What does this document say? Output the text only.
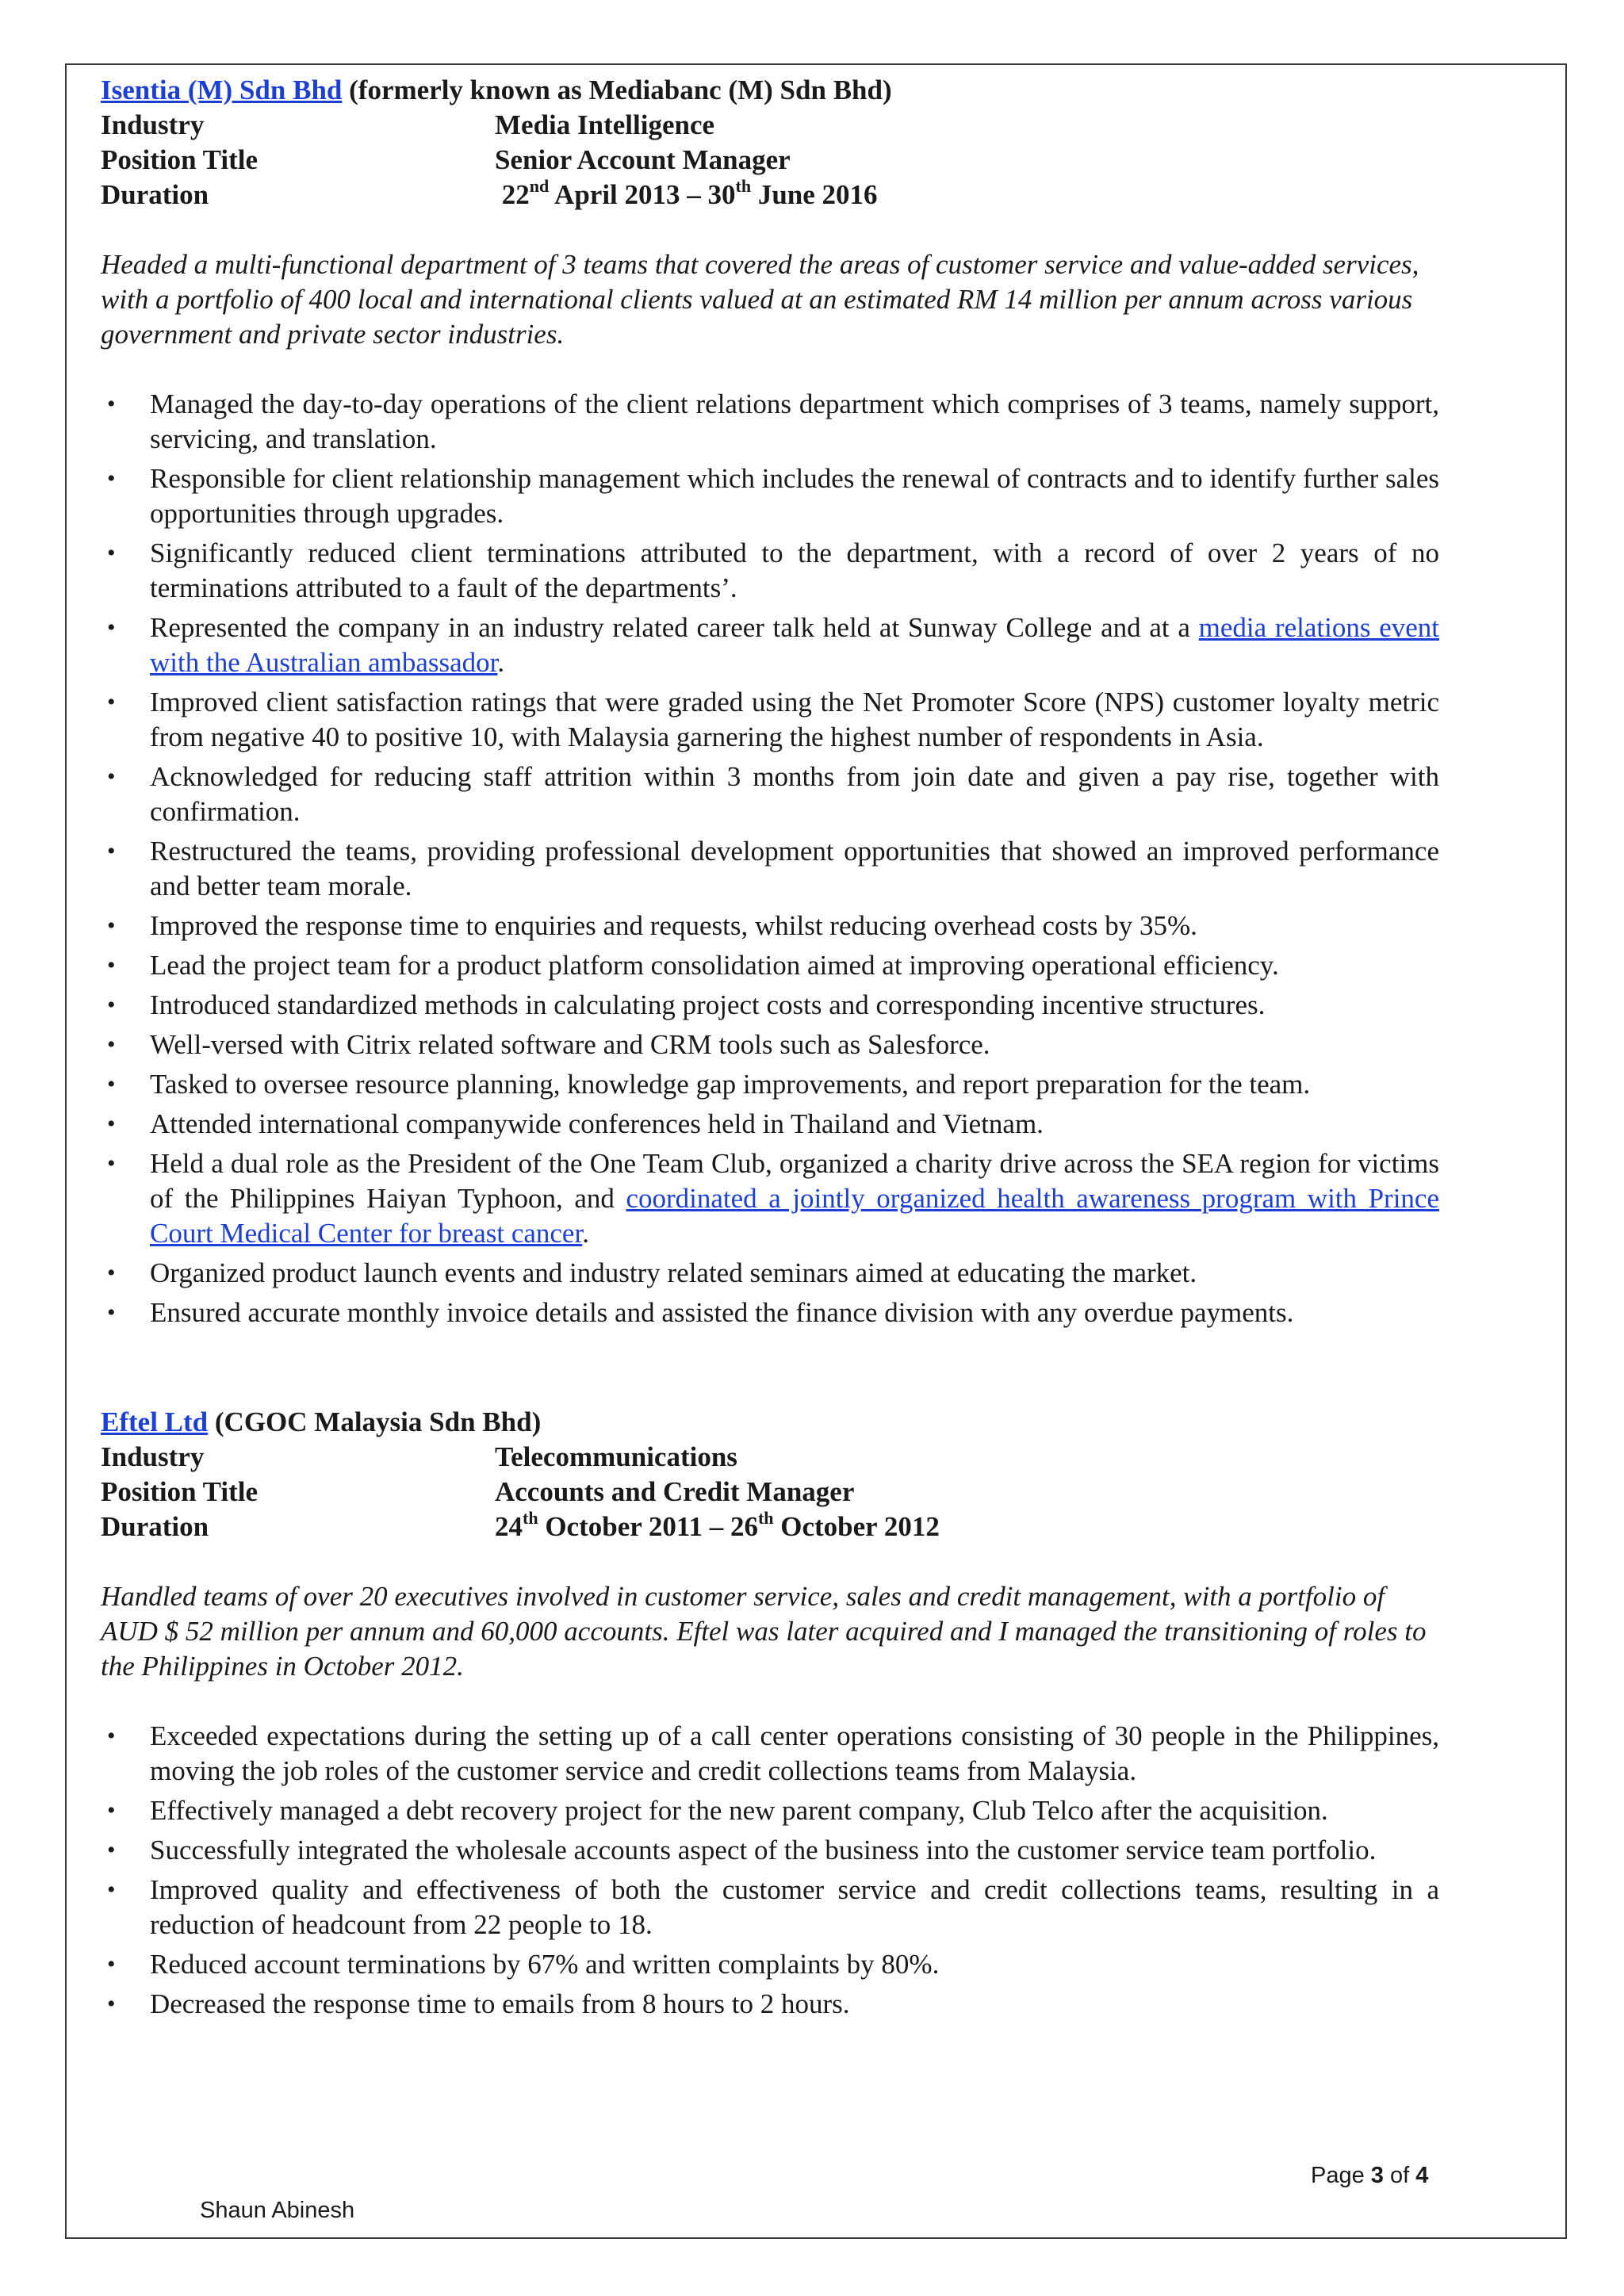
Isentia (M) Sdn Bhd (formerly known as Mediabanc (M) Sdn Bhd)

Industry	Media Intelligence
Position Title	Senior Account Manager
Duration	22nd April 2013 – 30th June 2016

Headed a multi-functional department of 3 teams that covered the areas of customer service and value-added services, with a portfolio of 400 local and international clients valued at an estimated RM 14 million per annum across various government and private sector industries.

• Managed the day-to-day operations of the client relations department which comprises of 3 teams, namely support, servicing, and translation.
• Responsible for client relationship management which includes the renewal of contracts and to identify further sales opportunities through upgrades.
• Significantly reduced client terminations attributed to the department, with a record of over 2 years of no terminations attributed to a fault of the departments’.
• Represented the company in an industry related career talk held at Sunway College and at a media relations event with the Australian ambassador.
• Improved client satisfaction ratings that were graded using the Net Promoter Score (NPS) customer loyalty metric from negative 40 to positive 10, with Malaysia garnering the highest number of respondents in Asia.
• Acknowledged for reducing staff attrition within 3 months from join date and given a pay rise, together with confirmation.
• Restructured the teams, providing professional development opportunities that showed an improved performance and better team morale.
• Improved the response time to enquiries and requests, whilst reducing overhead costs by 35%.
• Lead the project team for a product platform consolidation aimed at improving operational efficiency.
• Introduced standardized methods in calculating project costs and corresponding incentive structures.
• Well-versed with Citrix related software and CRM tools such as Salesforce.
• Tasked to oversee resource planning, knowledge gap improvements, and report preparation for the team.
• Attended international companywide conferences held in Thailand and Vietnam.
• Held a dual role as the President of the One Team Club, organized a charity drive across the SEA region for victims of the Philippines Haiyan Typhoon, and coordinated a jointly organized health awareness program with Prince Court Medical Center for breast cancer.
• Organized product launch events and industry related seminars aimed at educating the market.
• Ensured accurate monthly invoice details and assisted the finance division with any overdue payments.

Eftel Ltd (CGOC Malaysia Sdn Bhd)

Industry	Telecommunications
Position Title	Accounts and Credit Manager
Duration	24th October 2011 – 26th October 2012

Handled teams of over 20 executives involved in customer service, sales and credit management, with a portfolio of AUD $ 52 million per annum and 60,000 accounts. Eftel was later acquired and I managed the transitioning of roles to the Philippines in October 2012.

• Exceeded expectations during the setting up of a call center operations consisting of 30 people in the Philippines, moving the job roles of the customer service and credit collections teams from Malaysia.
• Effectively managed a debt recovery project for the new parent company, Club Telco after the acquisition.
• Successfully integrated the wholesale accounts aspect of the business into the customer service team portfolio.
• Improved quality and effectiveness of both the customer service and credit collections teams, resulting in a reduction of headcount from 22 people to 18.
• Reduced account terminations by 67% and written complaints by 80%.
• Decreased the response time to emails from 8 hours to 2 hours.
Page 3 of 4
Shaun Abinesh
